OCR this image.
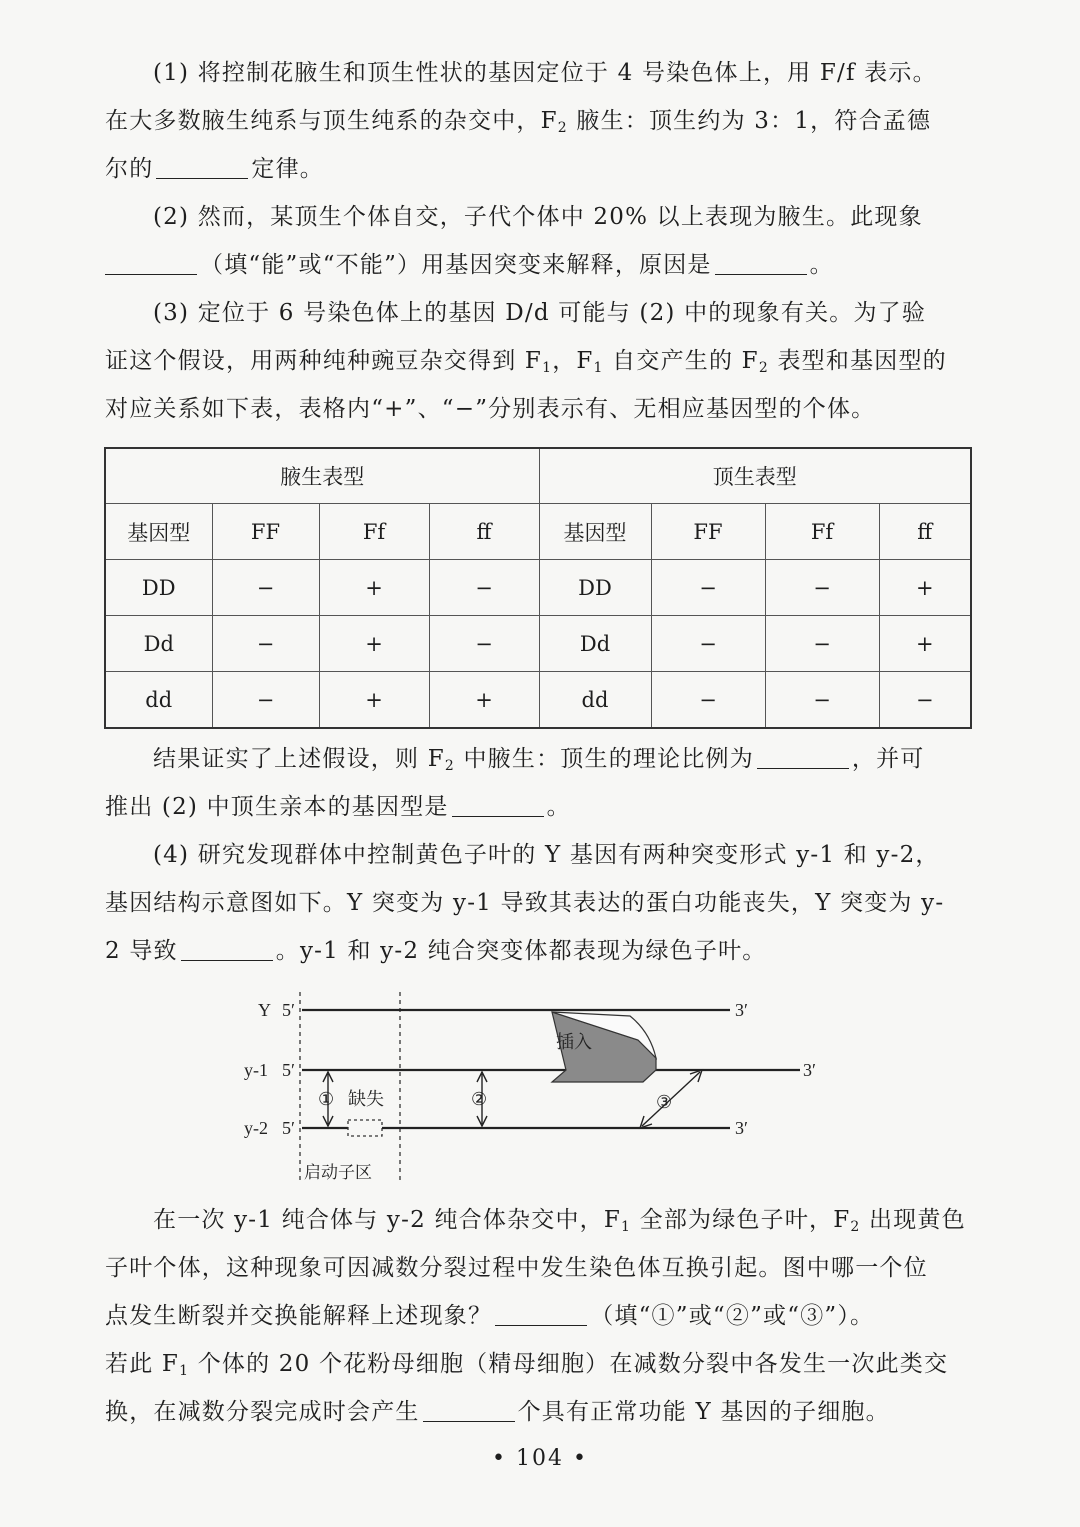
(1) 将控制花腋生和顶生性状的基因定位于 4 号染色体上，用 F/f 表示。
在大多数腋生纯系与顶生纯系的杂交中，$F_2$ 腋生：顶生约为 3：1，符合孟德
尔的	定律。
(2) 然而，某顶生个体自交，子代个体中 20% 以上表现为腋生。此现象
（填“能”或“不能”）用基因突变来解释，原因是	。
(3) 定位于 6 号染色体上的基因 D/d 可能与 (2) 中的现象有关。为了验
证这个假设，用两种纯种豌豆杂交得到 $F_1$，$F_1$ 自交产生的 $F_2$ 表型和基因型的
对应关系如下表，表格内“+”、“−”分别表示有、无相应基因型的个体。
腋生表型				顶生表型			
基因型	FF	Ff	ff	基因型	FF	Ff	ff
DD	−	+	−	DD	−	−	+
Dd	−	+	−	Dd	−	−	+
dd	−	+	+	dd	−	−	−
结果证实了上述假设，则 $F_2$ 中腋生：顶生的理论比例为	，并可
推出 (2) 中顶生亲本的基因型是	。
(4) 研究发现群体中控制黄色子叶的 Y 基因有两种突变形式 y-1 和 y-2，
基因结构示意图如下。Y 突变为 y-1 导致其表达的蛋白功能丧失，Y 突变为 y-
2 导致	。y-1 和 y-2 纯合突变体都表现为绿色子叶。
Y 5′	3′
y-1 5′	3′
插入
y-2 5′	3′
① 缺失	②	③
启动子区
在一次 y-1 纯合体与 y-2 纯合体杂交中，$F_1$ 全部为绿色子叶，$F_2$ 出现黄色
子叶个体，这种现象可因减数分裂过程中发生染色体互换引起。图中哪一个位
点发生断裂并交换能解释上述现象？	（填“①”或“②”或“③”）。
若此 $F_1$ 个体的 20 个花粉母细胞（精母细胞）在减数分裂中各发生一次此类交
换，在减数分裂完成时会产生	个具有正常功能 Y 基因的子细胞。
• 104 •
